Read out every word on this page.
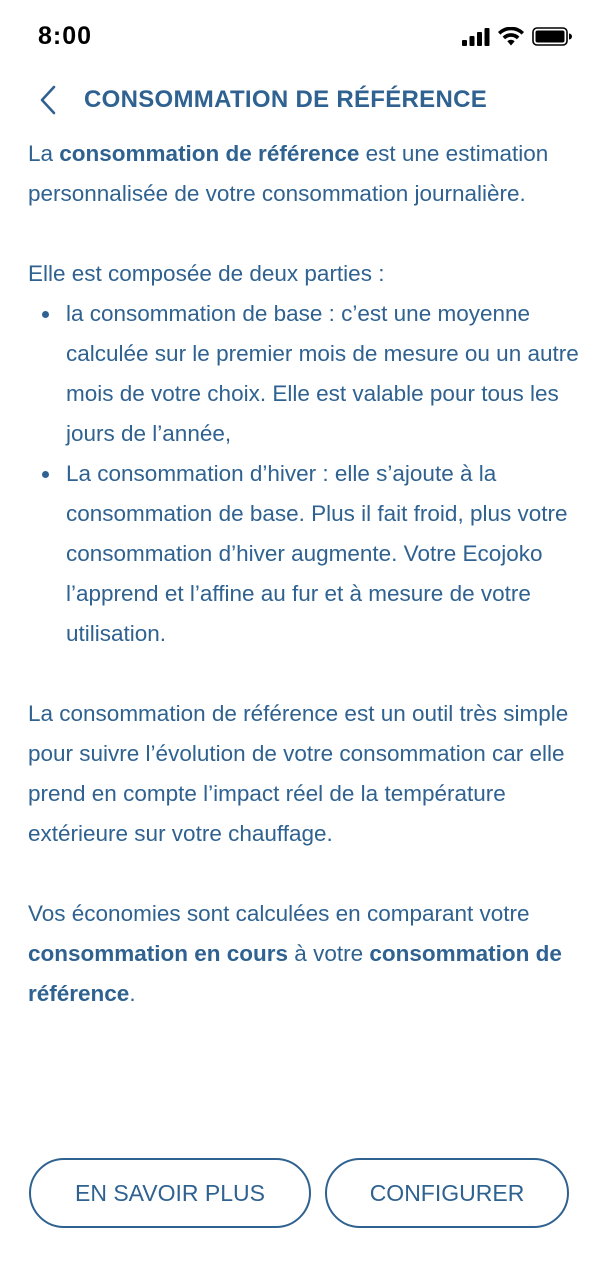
8:00
CONSOMMATION DE RÉFÉRENCE

La consommation de référence est une estimation personnalisée de votre consommation journalière.

Elle est composée de deux parties :

la consommation de base : c’est une moyenne calculée sur le premier mois de mesure ou un autre mois de votre choix. Elle est valable pour tous les jours de l’année,
La consommation d’hiver : elle s’ajoute à la consommation de base. Plus il fait froid, plus votre consommation d’hiver augmente. Votre Ecojoko l’apprend et l’affine au fur et à mesure de votre utilisation.

La consommation de référence est un outil très simple pour suivre l’évolution de votre consommation car elle prend en compte l’impact réel de la température extérieure sur votre chauffage.

Vos économies sont calculées en comparant votre consommation en cours à votre consommation de référence.

EN SAVOIR PLUS	CONFIGURER
